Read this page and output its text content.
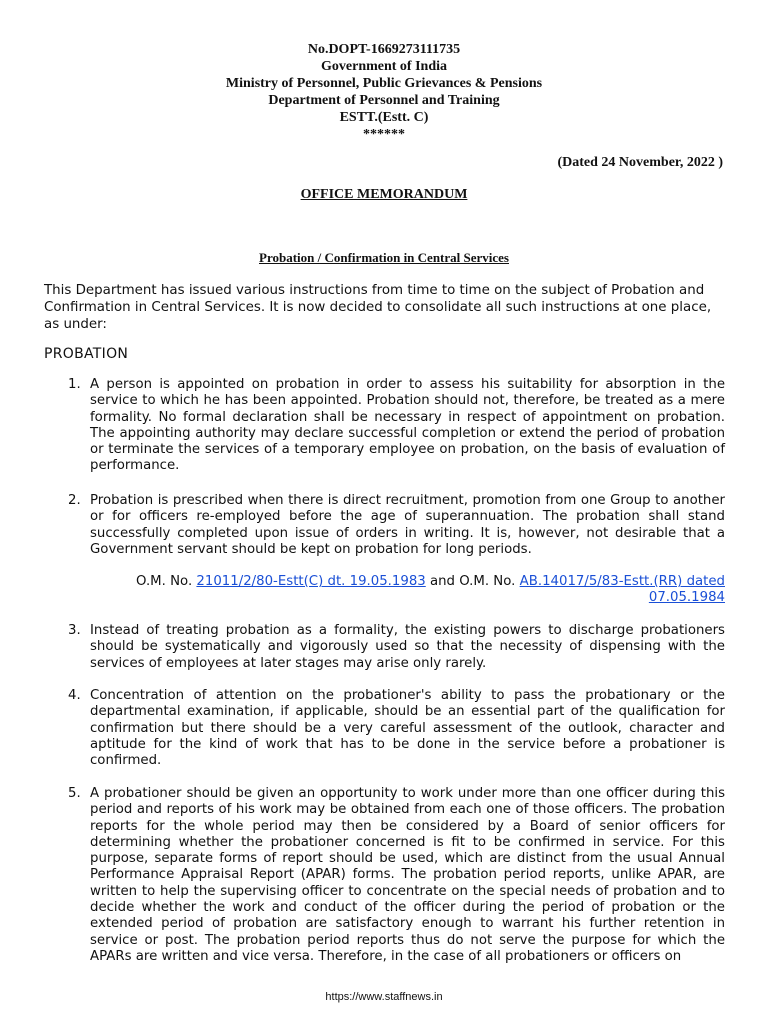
No.DOPT-1669273111735
Government of India
Ministry of Personnel, Public Grievances & Pensions
Department of Personnel and Training
ESTT.(Estt. C)
******
(Dated 24 November, 2022 )
OFFICE MEMORANDUM
Probation / Confirmation in Central Services
This Department has issued various instructions from time to time on the subject of Probation and Confirmation in Central Services. It is now decided to consolidate all such instructions at one place, as under:
PROBATION
1. A person is appointed on probation in order to assess his suitability for absorption in the service to which he has been appointed. Probation should not, therefore, be treated as a mere formality. No formal declaration shall be necessary in respect of appointment on probation. The appointing authority may declare successful completion or extend the period of probation or terminate the services of a temporary employee on probation, on the basis of evaluation of performance.
2. Probation is prescribed when there is direct recruitment, promotion from one Group to another or for officers re-employed before the age of superannuation. The probation shall stand successfully completed upon issue of orders in writing. It is, however, not desirable that a Government servant should be kept on probation for long periods.
O.M. No. 21011/2/80-Estt(C) dt. 19.05.1983 and O.M. No. AB.14017/5/83-Estt.(RR) dated 07.05.1984
3. Instead of treating probation as a formality, the existing powers to discharge probationers should be systematically and vigorously used so that the necessity of dispensing with the services of employees at later stages may arise only rarely.
4. Concentration of attention on the probationer's ability to pass the probationary or the departmental examination, if applicable, should be an essential part of the qualification for confirmation but there should be a very careful assessment of the outlook, character and aptitude for the kind of work that has to be done in the service before a probationer is confirmed.
5. A probationer should be given an opportunity to work under more than one officer during this period and reports of his work may be obtained from each one of those officers. The probation reports for the whole period may then be considered by a Board of senior officers for determining whether the probationer concerned is fit to be confirmed in service. For this purpose, separate forms of report should be used, which are distinct from the usual Annual Performance Appraisal Report (APAR) forms. The probation period reports, unlike APAR, are written to help the supervising officer to concentrate on the special needs of probation and to decide whether the work and conduct of the officer during the period of probation or the extended period of probation are satisfactory enough to warrant his further retention in service or post. The probation period reports thus do not serve the purpose for which the APARs are written and vice versa. Therefore, in the case of all probationers or officers on
https://www.staffnews.in
